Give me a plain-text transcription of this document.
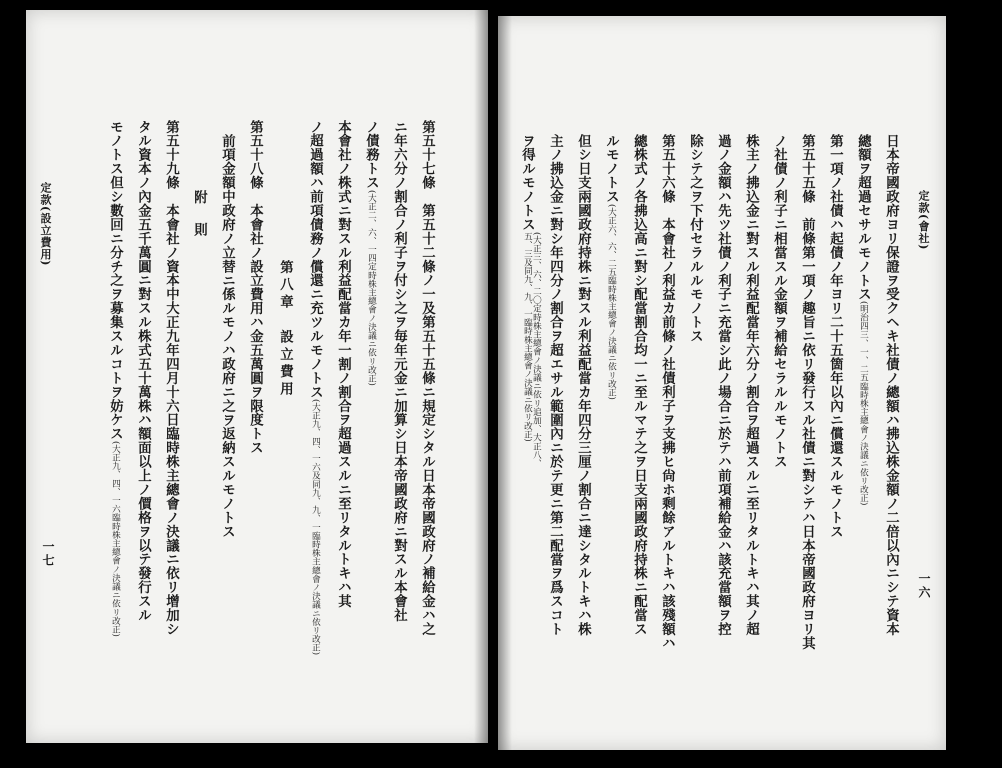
定款(設立費用)
一七	第五十七條　第五十二條ノ一及第五十五條ニ規定シタル日本帝國政府ノ補給金ハ之
ニ年六分ノ割合ノ利子ヲ付シ之ヲ毎年元金ニ加算シ日本帝國政府ニ對スル本會社
ノ債務トス(大正二、六、一四定時株主總會ノ決議ニ依リ改正)
本會社ノ株式ニ對スル利益配當カ年一割ノ割合ヲ超過スルニ至リタルトキハ其
ノ超過額ハ前項債務ノ償還ニ充ツルモノトス(大正九、四、一六及同九、九、一臨時株主總會ノ決議ニ依リ改正)
第八章　設立費用
第五十八條　本會社ノ設立費用ハ金五萬圓ヲ限度トス
前項金額中政府ノ立替ニ係ルモノハ政府ニ之ヲ返納スルモノトス
附　則
第五十九條　本會社ノ資本中大正九年四月十六日臨時株主總會ノ決議ニ依リ增加シ
タル資本ノ內金五千萬圓ニ對スル株式五十萬株ハ額面以上ノ價格ヲ以テ發行スル
モノトス但シ數回ニ分チ之ヲ募集スルコトヲ妨ケス(大正九、四、一六臨時株主總會ノ決議ニ依リ改正)
定款(會社)
一六
日本帝國政府ヨリ保證ヲ受クヘキ社債ノ總額ハ拂込株金額ノ二倍以內ニシテ資本
總額ヲ超過セサルモノトス(明治四三、一、二五臨時株主總會ノ決議ニ依リ改正)
第一項ノ社債ハ起債ノ年ヨリ二十五箇年以內ニ償還スルモノトス
第五十五條　前條第一項ノ趣旨ニ依リ發行スル社債ニ對シテハ日本帝國政府ヨリ其
ノ社債ノ利子ニ相當スル金額ヲ補給セラルルモノトス
株主ノ拂込金ニ對スル利益配當年六分ノ割合ヲ超過スルニ至リタルトキハ其ノ超
過ノ金額ハ先ツ社債ノ利子ニ充當シ此ノ場合ニ於テハ前項補給金ハ該充當額ヲ控
除シテ之ヲ下付セラルルモノトス
第五十六條　本會社ノ利益カ前條ノ社債利子ヲ支拂ヒ尙ホ剩餘アルトキハ該殘額ハ
總株式ノ各拂込高ニ對シ配當割合均一ニ至ルマテ之ヲ日支兩國政府持株ニ配當ス
ルモノトス(大正六、六、二五臨時株主總會ノ決議ニ依リ改正)
但シ日支兩國政府持株ニ對スル利益配當カ年四分三厘ノ割合ニ達シタルトキハ株
主ノ拂込金ニ對シ年四分ノ割合ヲ超エサル範圍內ニ於テ更ニ第二配當ヲ爲スコト
ヲ得ルモノトス(大正三、六、二〇定時株主總會ノ決議ニ依リ追加、大正八、五、三及同九、九、一臨時株主總會ノ決議ニ依リ改正)
